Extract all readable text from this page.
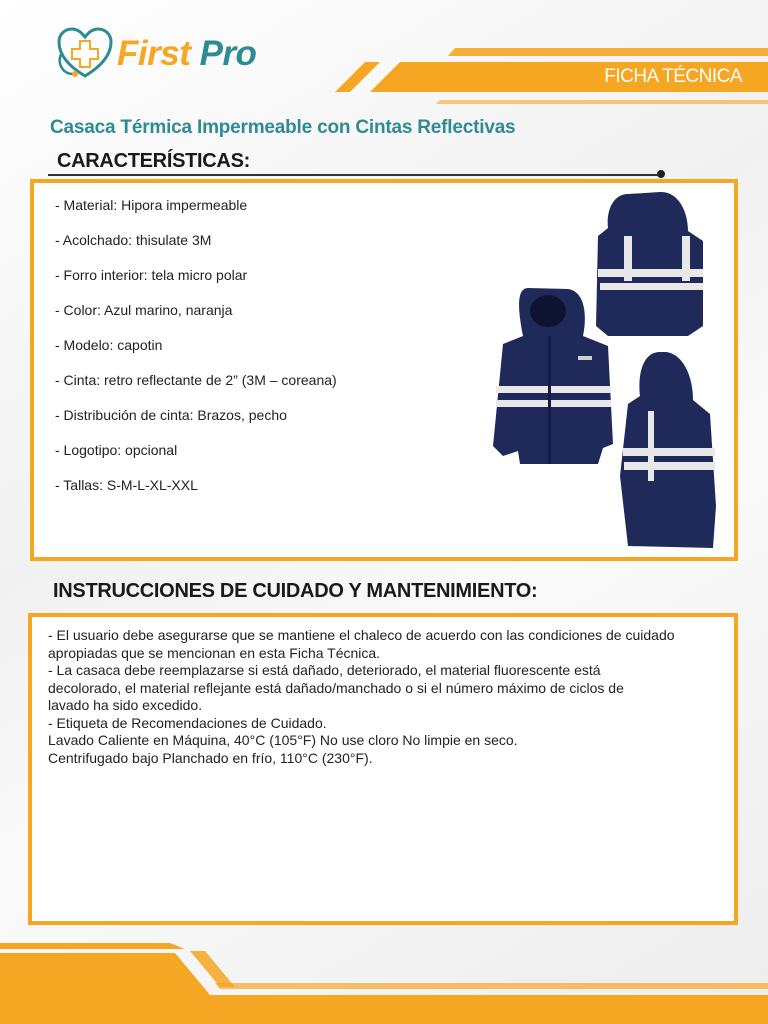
First Pro
FICHA TÉCNICA
Casaca Térmica Impermeable con Cintas Reflectivas
CARACTERÍSTICAS:
- Material: Hipora impermeable
- Acolchado: thisulate 3M
- Forro interior: tela micro polar
- Color: Azul marino, naranja
- Modelo: capotin
- Cinta: retro reflectante de 2” (3M – coreana)
- Distribución de cinta: Brazos, pecho
- Logotipo: opcional
- Tallas: S-M-L-XL-XXL
INSTRUCCIONES DE CUIDADO Y MANTENIMIENTO:
- El usuario debe asegurarse que se mantiene el chaleco de acuerdo con las condiciones de cuidado
apropiadas que se mencionan en esta Ficha Técnica.
- La casaca debe reemplazarse si está dañado, deteriorado, el material fluorescente está
decolorado, el material reflejante está dañado/manchado o si el número máximo de ciclos de
lavado ha sido excedido.
- Etiqueta de Recomendaciones de Cuidado.
Lavado Caliente en Máquina, 40°C (105°F) No use cloro No limpie en seco.
Centrifugado bajo Planchado en frío, 110°C (230°F).
